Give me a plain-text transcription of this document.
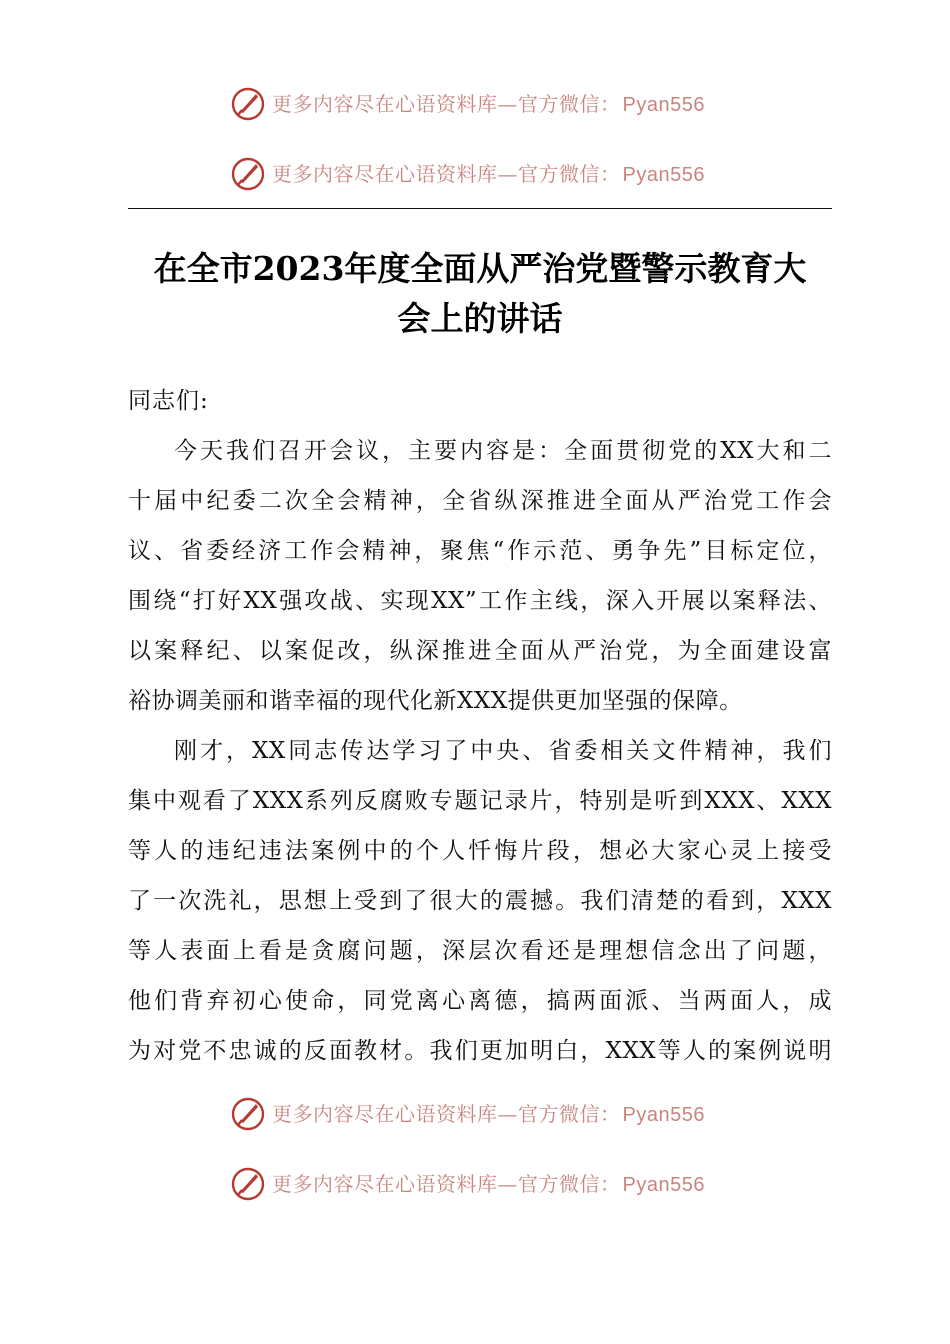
更多内容尽在心语资料库—官方微信： Pyan556
更多内容尽在心语资料库—官方微信： Pyan556
在全市2023年度全面从严治党暨警示教育大
会上的讲话

同志们:

今天我们召开会议，主要内容是：全面贯彻党的XX大和二

十届中纪委二次全会精神，全省纵深推进全面从严治党工作会

议、省委经济工作会精神，聚焦“作示范、勇争先”目标定位，

围绕“打好XX强攻战、实现XX”工作主线，深入开展以案释法、

以案释纪、以案促改，纵深推进全面从严治党，为全面建设富

裕协调美丽和谐幸福的现代化新XXX提供更加坚强的保障。

刚才，XX同志传达学习了中央、省委相关文件精神，我们

集中观看了XXX系列反腐败专题记录片，特别是听到XXX、XXX

等人的违纪违法案例中的个人忏悔片段，想必大家心灵上接受

了一次洗礼，思想上受到了很大的震撼。我们清楚的看到，XXX

等人表面上看是贪腐问题，深层次看还是理想信念出了问题，

他们背弃初心使命，同党离心离德，搞两面派、当两面人，成

为对党不忠诚的反面教材。我们更加明白，XXX等人的案例说明

更多内容尽在心语资料库—官方微信： Pyan556
更多内容尽在心语资料库—官方微信： Pyan556
